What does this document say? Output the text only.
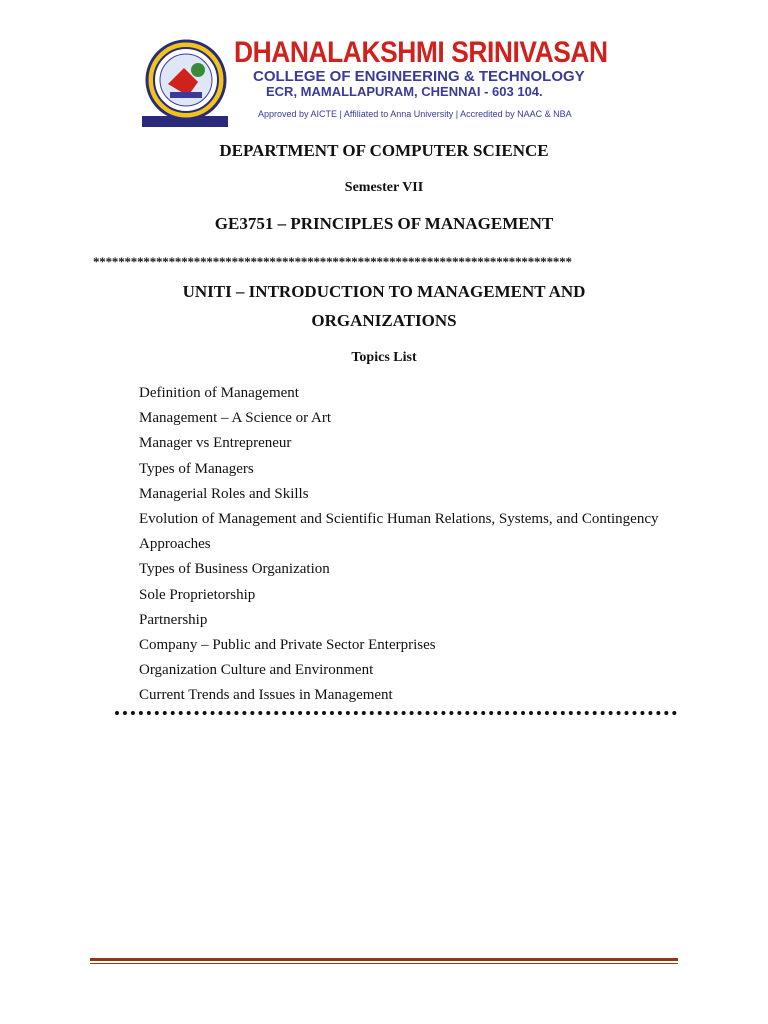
DHANALAKSHMI SRINIVASAN
COLLEGE OF ENGINEERING & TECHNOLOGY
ECR, MAMALLAPURAM, CHENNAI - 603 104.
Approved by AICTE | Affiliated to Anna University | Accredited by NAAC & NBA
DEPARTMENT OF COMPUTER SCIENCE
Semester VII
GE3751 – PRINCIPLES OF MANAGEMENT
****************************************************************************
UNITI – INTRODUCTION TO MANAGEMENT AND
ORGANIZATIONS
Topics List
Definition of Management
Management – A Science or Art
Manager vs Entrepreneur
Types of Managers
Managerial Roles and Skills
Evolution of Management and Scientific Human Relations, Systems, and Contingency
Approaches
Types of Business Organization
Sole Proprietorship
Partnership
Company – Public and Private Sector Enterprises
Organization Culture and Environment
Current Trends and Issues in Management
